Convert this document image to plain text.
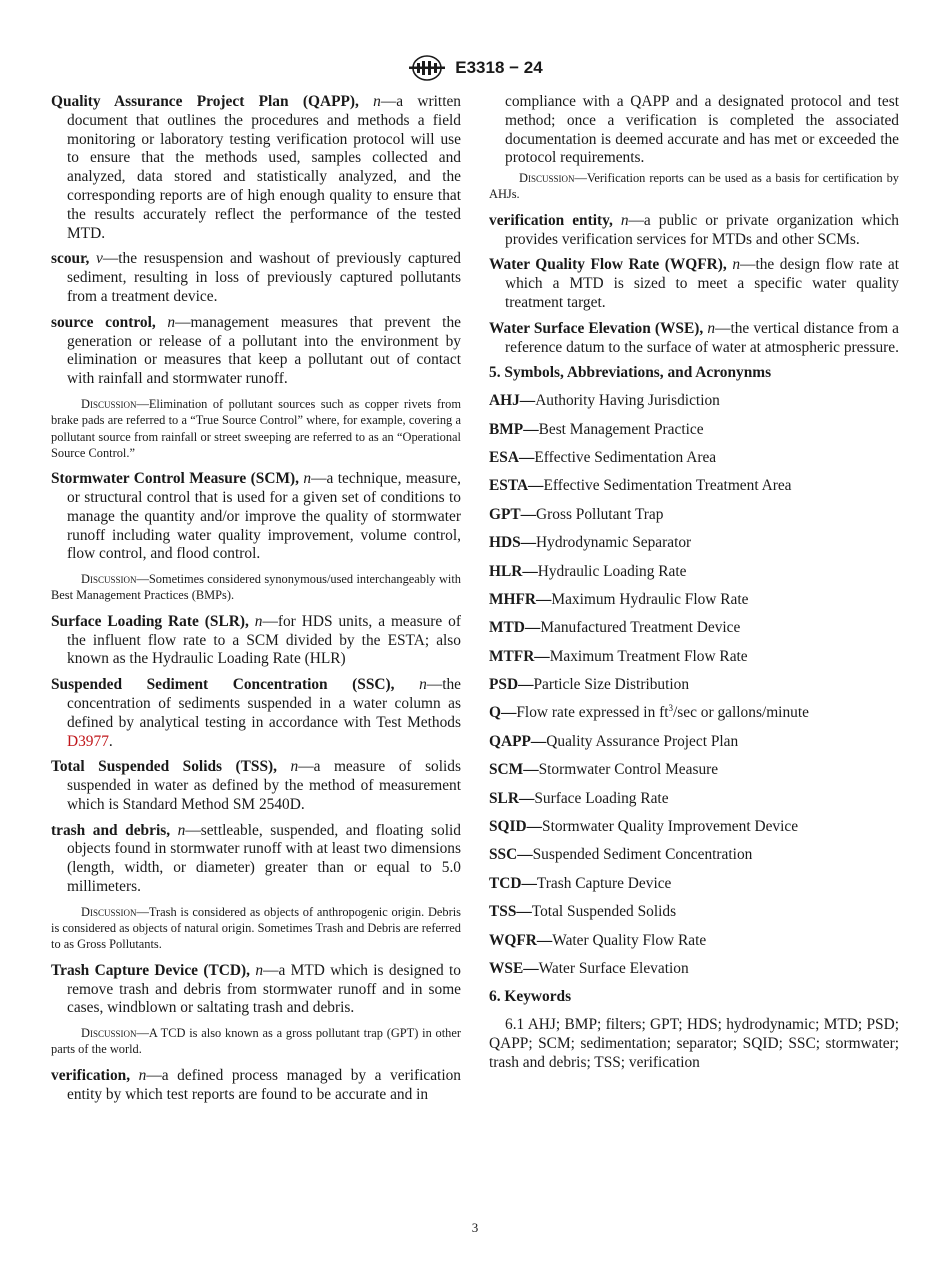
E3318 − 24

Quality Assurance Project Plan (QAPP), n—a written document that outlines the procedures and methods a field monitoring or laboratory testing verification protocol will use to ensure that the methods used, samples collected and analyzed, data stored and statistically analyzed, and the corresponding reports are of high enough quality to ensure that the results accurately reflect the performance of the tested MTD.

scour, v—the resuspension and washout of previously captured sediment, resulting in loss of previously captured pollutants from a treatment device.

source control, n—management measures that prevent the generation or release of a pollutant into the environment by elimination or measures that keep a pollutant out of contact with rainfall and stormwater runoff.

Discussion—Elimination of pollutant sources such as copper rivets from brake pads are referred to a “True Source Control” where, for example, covering a pollutant source from rainfall or street sweeping are referred to as an “Operational Source Control.”

Stormwater Control Measure (SCM), n—a technique, measure, or structural control that is used for a given set of conditions to manage the quantity and/or improve the quality of stormwater runoff including water quality improvement, volume control, flow control, and flood control.

Discussion—Sometimes considered synonymous/used interchangeably with Best Management Practices (BMPs).

Surface Loading Rate (SLR), n—for HDS units, a measure of the influent flow rate to a SCM divided by the ESTA; also known as the Hydraulic Loading Rate (HLR)

Suspended Sediment Concentration (SSC), n—the concentration of sediments suspended in a water column as defined by analytical testing in accordance with Test Methods D3977.

Total Suspended Solids (TSS), n—a measure of solids suspended in water as defined by the method of measurement which is Standard Method SM 2540D.

trash and debris, n—settleable, suspended, and floating solid objects found in stormwater runoff with at least two dimensions (length, width, or diameter) greater than or equal to 5.0 millimeters.

Discussion—Trash is considered as objects of anthropogenic origin. Debris is considered as objects of natural origin. Sometimes Trash and Debris are referred to as Gross Pollutants.

Trash Capture Device (TCD), n—a MTD which is designed to remove trash and debris from stormwater runoff and in some cases, windblown or saltating trash and debris.

Discussion—A TCD is also known as a gross pollutant trap (GPT) in other parts of the world.

verification, n—a defined process managed by a verification entity by which test reports are found to be accurate and in

compliance with a QAPP and a designated protocol and test method; once a verification is completed the associated documentation is deemed accurate and has met or exceeded the protocol requirements.

Discussion—Verification reports can be used as a basis for certification by AHJs.

verification entity, n—a public or private organization which provides verification services for MTDs and other SCMs.

Water Quality Flow Rate (WQFR), n—the design flow rate at which a MTD is sized to meet a specific water quality treatment target.

Water Surface Elevation (WSE), n—the vertical distance from a reference datum to the surface of water at atmospheric pressure.

5. Symbols, Abbreviations, and Acronynms

AHJ—Authority Having Jurisdiction

BMP—Best Management Practice

ESA—Effective Sedimentation Area

ESTA—Effective Sedimentation Treatment Area

GPT—Gross Pollutant Trap

HDS—Hydrodynamic Separator

HLR—Hydraulic Loading Rate

MHFR—Maximum Hydraulic Flow Rate

MTD—Manufactured Treatment Device

MTFR—Maximum Treatment Flow Rate

PSD—Particle Size Distribution

Q—Flow rate expressed in $ft^3/\sec$ or gallons/minute

QAPP—Quality Assurance Project Plan

SCM—Stormwater Control Measure

SLR—Surface Loading Rate

SQID—Stormwater Quality Improvement Device

SSC—Suspended Sediment Concentration

TCD—Trash Capture Device

TSS—Total Suspended Solids

WQFR—Water Quality Flow Rate

WSE—Water Surface Elevation

6. Keywords

6.1 AHJ; BMP; filters; GPT; HDS; hydrodynamic; MTD; PSD; QAPP; SCM; sedimentation; separator; SQID; SSC; stormwater; trash and debris; TSS; verification

3
